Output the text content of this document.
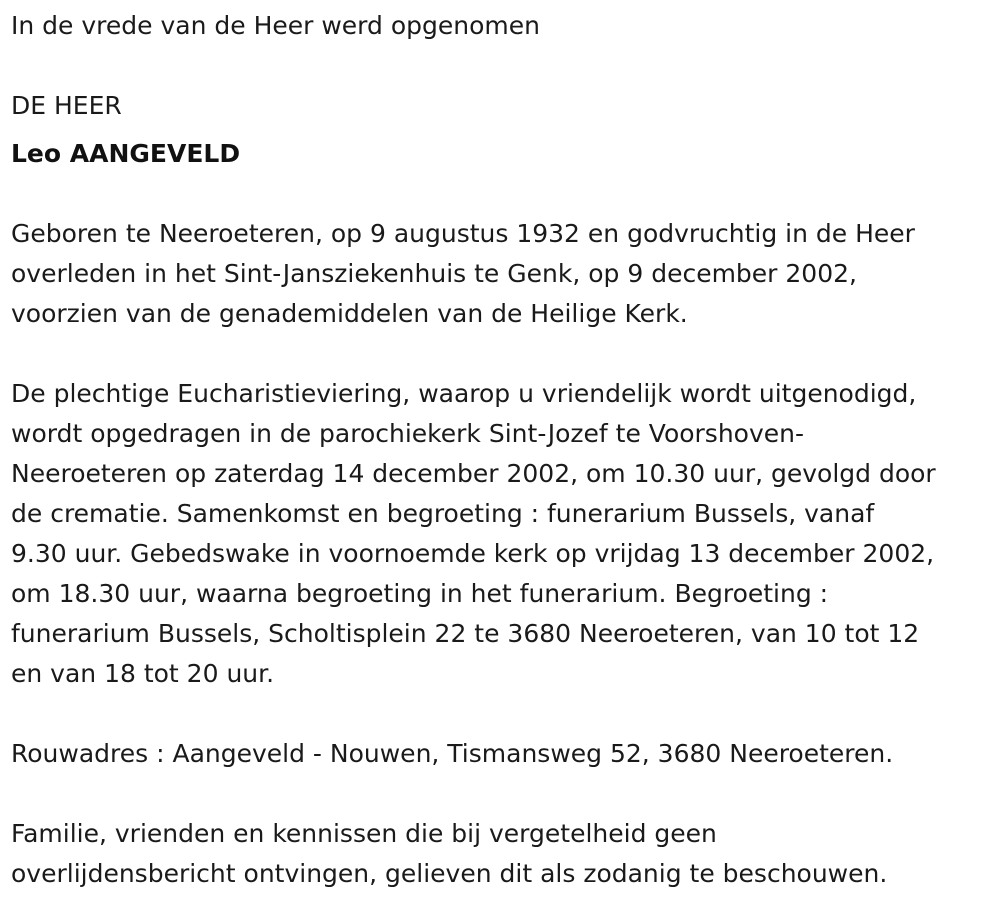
In de vrede van de Heer werd opgenomen

DE HEER

Leo AANGEVELD

Geboren te Neeroeteren, op 9 augustus 1932 en godvruchtig in de Heer

overleden in het Sint-Jansziekenhuis te Genk, op 9 december 2002,

voorzien van de genademiddelen van de Heilige Kerk.

De plechtige Eucharistieviering, waarop u vriendelijk wordt uitgenodigd,

wordt opgedragen in de parochiekerk Sint-Jozef te Voorshoven-

Neeroeteren op zaterdag 14 december 2002, om 10.30 uur, gevolgd door

de crematie. Samenkomst en begroeting : funerarium Bussels, vanaf

9.30 uur. Gebedswake in voornoemde kerk op vrijdag 13 december 2002,

om 18.30 uur, waarna begroeting in het funerarium. Begroeting :

funerarium Bussels, Scholtisplein 22 te 3680 Neeroeteren, van 10 tot 12

en van 18 tot 20 uur.

Rouwadres : Aangeveld - Nouwen, Tismansweg 52, 3680 Neeroeteren.

Familie, vrienden en kennissen die bij vergetelheid geen

overlijdensbericht ontvingen, gelieven dit als zodanig te beschouwen.
